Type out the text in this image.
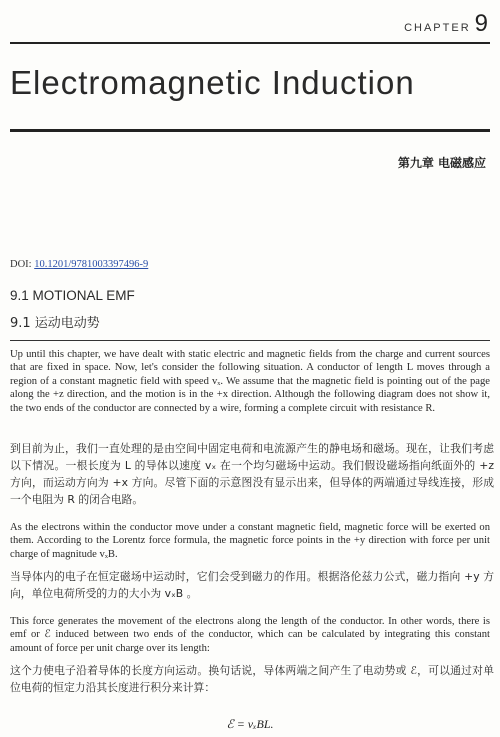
CHAPTER 9
Electromagnetic Induction
第九章 电磁感应
DOI: 10.1201/9781003397496-9
9.1 MOTIONAL EMF
9.1 运动电动势

Up until this chapter, we have dealt with static electric and magnetic fields from the charge and current sources that are fixed in space. Now, let's consider the following situation. A conductor of length L moves through a region of a constant magnetic field with speed vₓ. We assume that the magnetic field is pointing out of the page along the +z direction, and the motion is in the +x direction. Although the following diagram does not show it, the two ends of the conductor are connected by a wire, forming a complete circuit with resistance R.

到目前为止，我们一直处理的是由空间中固定电荷和电流源产生的静电场和磁场。现在，让我们考虑以下情况。一根长度为 L 的导体以速度 vₓ 在一个均匀磁场中运动。我们假设磁场指向纸面外的 +z 方向，而运动方向为 +x 方向。尽管下面的示意图没有显示出来，但导体的两端通过导线连接，形成一个电阻为 R 的闭合电路。

As the electrons within the conductor move under a constant magnetic field, magnetic force will be exerted on them. According to the Lorentz force formula, the magnetic force points in the +y direction with force per unit charge of magnitude vₓB.

当导体内的电子在恒定磁场中运动时，它们会受到磁力的作用。根据洛伦兹力公式，磁力指向 +y 方向，单位电荷所受的力的大小为 vₓB 。

This force generates the movement of the electrons along the length of the conductor. In other words, there is emf or ℰ induced between two ends of the conductor, which can be calculated by integrating this constant amount of force per unit charge over its length:

这个力使电子沿着导体的长度方向运动。换句话说，导体两端之间产生了电动势或 ℰ，可以通过对单位电荷的恒定力沿其长度进行积分来计算：

ℰ = vₓBL.
